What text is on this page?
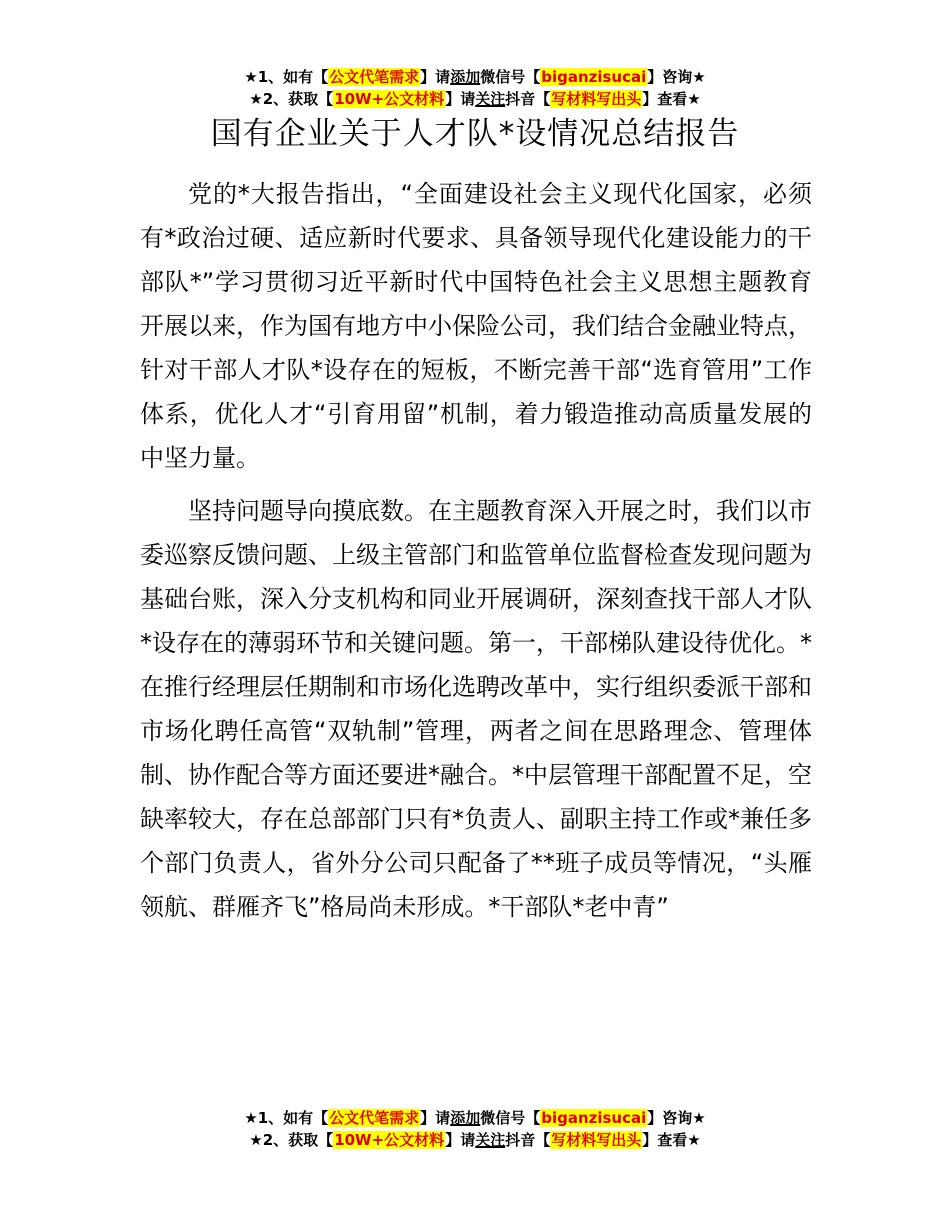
★1、如有【公文代笔需求】请添加微信号【biganzisucai】咨询★
★2、获取【10W+公文材料】请关注抖音【写材料写出头】查看★
国有企业关于人才队*设情况总结报告

党的*大报告指出，“全面建设社会主义现代化国家，必须有*政治过硬、适应新时代要求、具备领导现代化建设能力的干部队*”学习贯彻习近平新时代中国特色社会主义思想主题教育开展以来，作为国有地方中小保险公司，我们结合金融业特点，针对干部人才队*设存在的短板，不断完善干部“选育管用”工作体系，优化人才“引育用留”机制，着力锻造推动高质量发展的中坚力量。

坚持问题导向摸底数。在主题教育深入开展之时，我们以市委巡察反馈问题、上级主管部门和监管单位监督检查发现问题为基础台账，深入分支机构和同业开展调研，深刻查找干部人才队*设存在的薄弱环节和关键问题。第一，干部梯队建设待优化。*在推行经理层任期制和市场化选聘改革中，实行组织委派干部和市场化聘任高管“双轨制”管理，两者之间在思路理念、管理体制、协作配合等方面还要进*融合。*中层管理干部配置不足，空缺率较大，存在总部部门只有*负责人、副职主持工作或*兼任多个部门负责人，省外分公司只配备了**班子成员等情况，“头雁领航、群雁齐飞”格局尚未形成。*干部队*老中青”

★1、如有【公文代笔需求】请添加微信号【biganzisucai】咨询★
★2、获取【10W+公文材料】请关注抖音【写材料写出头】查看★
